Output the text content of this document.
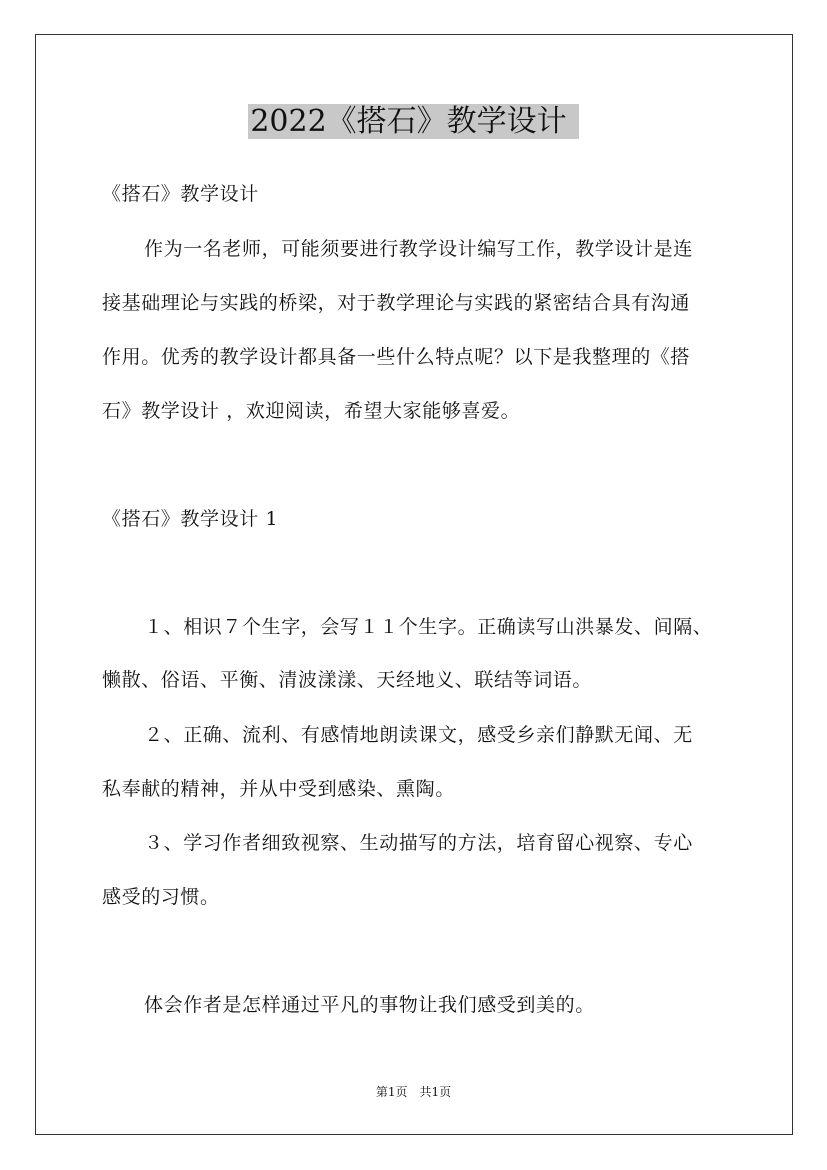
2022《搭石》教学设计
《搭石》教学设计
作为一名老师，可能须要进行教学设计编写工作，教学设计是连
接基础理论与实践的桥梁，对于教学理论与实践的紧密结合具有沟通
作用。优秀的教学设计都具备一些什么特点呢？以下是我整理的《搭
石》教学设计 ，欢迎阅读，希望大家能够喜爱。
《搭石》教学设计 1
１、相识７个生字，会写１１个生字。正确读写山洪暴发、间隔、
懒散、俗语、平衡、清波漾漾、天经地义、联结等词语。
２、正确、流利、有感情地朗读课文，感受乡亲们静默无闻、无
私奉献的精神，并从中受到感染、熏陶。
３、学习作者细致视察、生动描写的方法，培育留心视察、专心
感受的习惯。
体会作者是怎样通过平凡的事物让我们感受到美的。
第1页　共1页
